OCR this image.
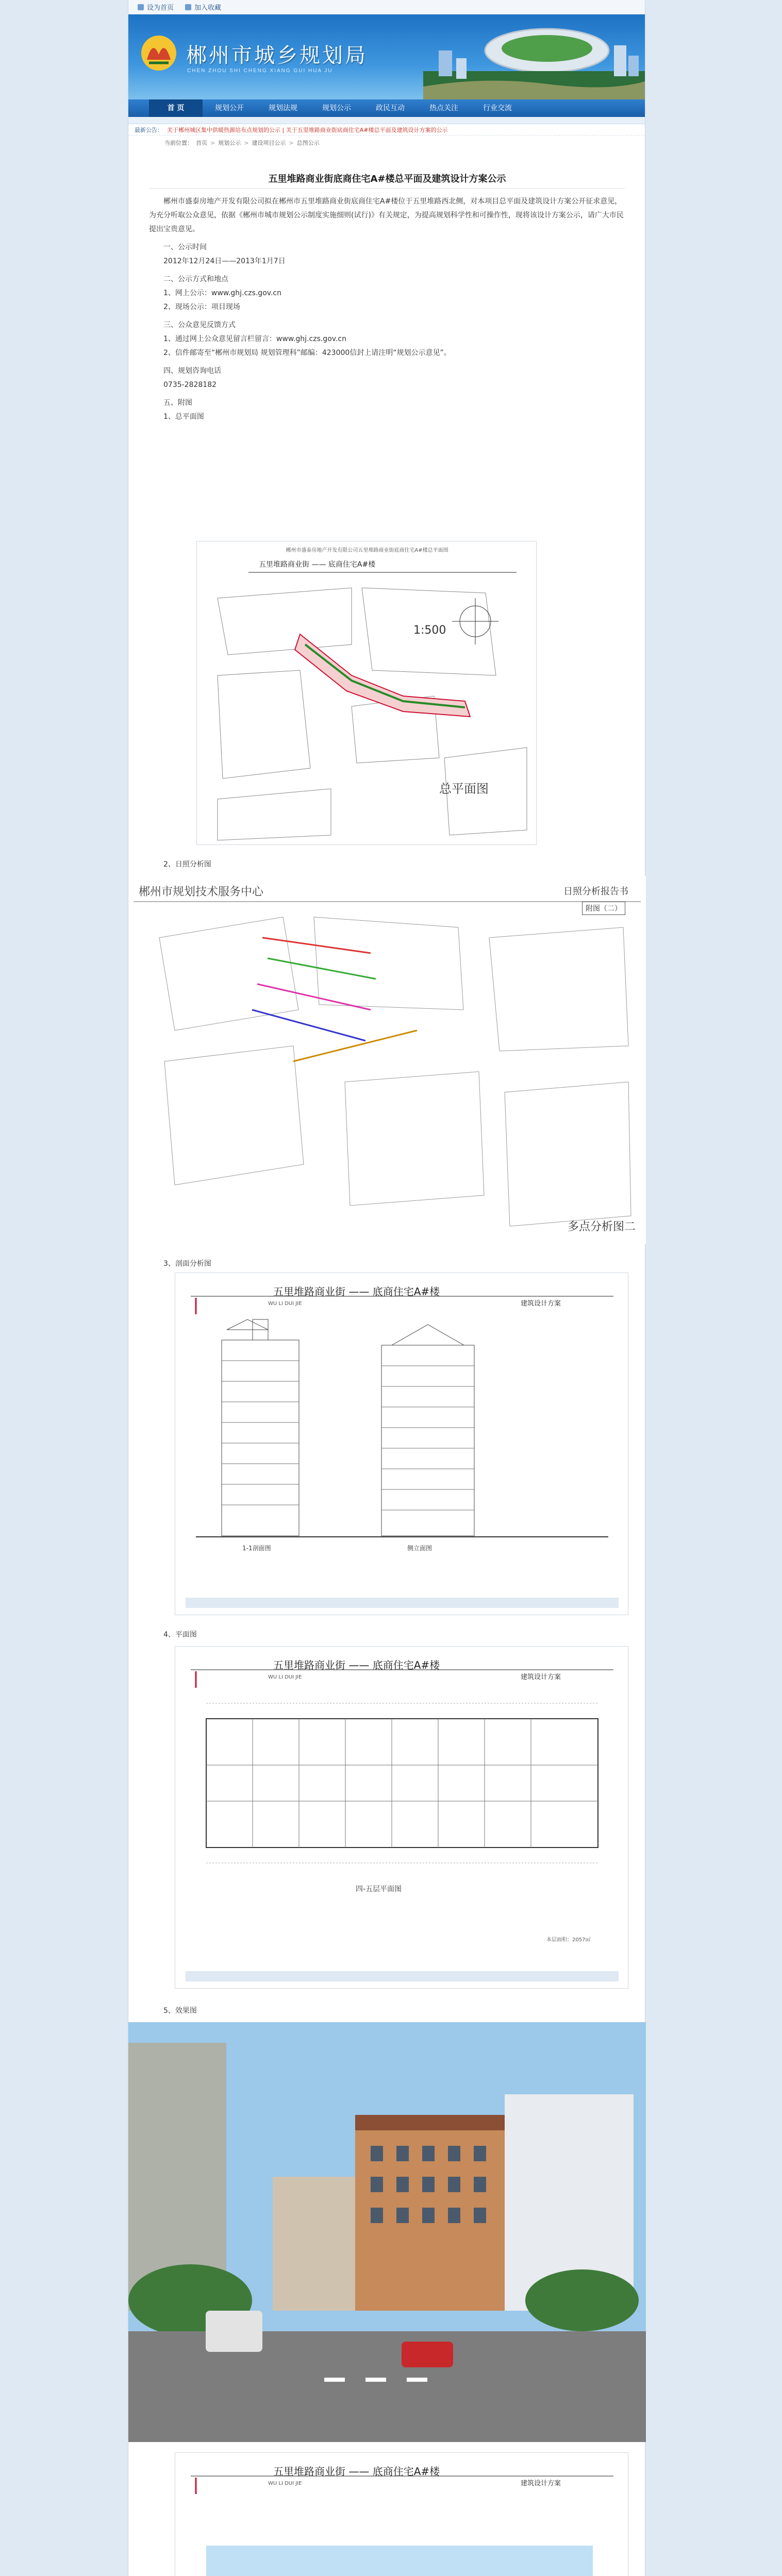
设为首页	加入收藏
郴州市城乡规划局
CHEN ZHOU SHI CHENG XIANG GUI HUA JU
首 页	规划公开	规划法规	规划公示	政民互动	热点关注	行业交流
最新公告： 关于郴州城区集中供暖热源站布点规划的公示 | 关于五里堆路商业街底商住宅A#楼总平面及建筑设计方案的公示
当前位置： 首页 > 规划公示 > 建设项目公示 > 总图公示
五里堆路商业街底商住宅A#楼总平面及建筑设计方案公示

郴州市盛泰房地产开发有限公司拟在郴州市五里堆路商业街底商住宅A#楼位于五里堆路西北侧，对本项目总平面及建筑设计方案公开征求意见，为充分听取公众意见，依据《郴州市城市规划公示制度实施细则(试行)》有关规定，为提高规划科学性和可操作性，现将该设计方案公示，请广大市民提出宝贵意见。

一、公示时间

2012年12月24日——2013年1月7日

二、公示方式和地点

1、网上公示：www.ghj.czs.gov.cn

2、现场公示：项目现场

三、公众意见反馈方式

1、通过网上公众意见留言栏留言：www.ghj.czs.gov.cn

2、信件邮寄至“郴州市规划局 规划管理科”邮编：423000信封上请注明“规划公示意见”。

四、规划咨询电话

0735-2828182

五、附图

1、总平面图

郴州市盛泰房地产开发有限公司五里堆路商业街底商住宅A#楼总平面图
五里堆路商业街 —— 底商住宅A#楼
1:500
总平面图

2、日照分析图

郴州市规划技术服务中心	日照分析报告书
附图（二）
多点分析图二

3、剖面分析图

五里堆路商业街 —— 底商住宅A#楼
WU LI DUI JIE	建筑设计方案
1-1剖面图	侧立面图

4、平面图

五里堆路商业街 —— 底商住宅A#楼
WU LI DUI JIE	建筑设计方案
四-五层平面图
本层面积：2057㎡

5、效果图

五里堆路商业街 —— 底商住宅A#楼
WU LI DUI JIE	建筑设计方案
